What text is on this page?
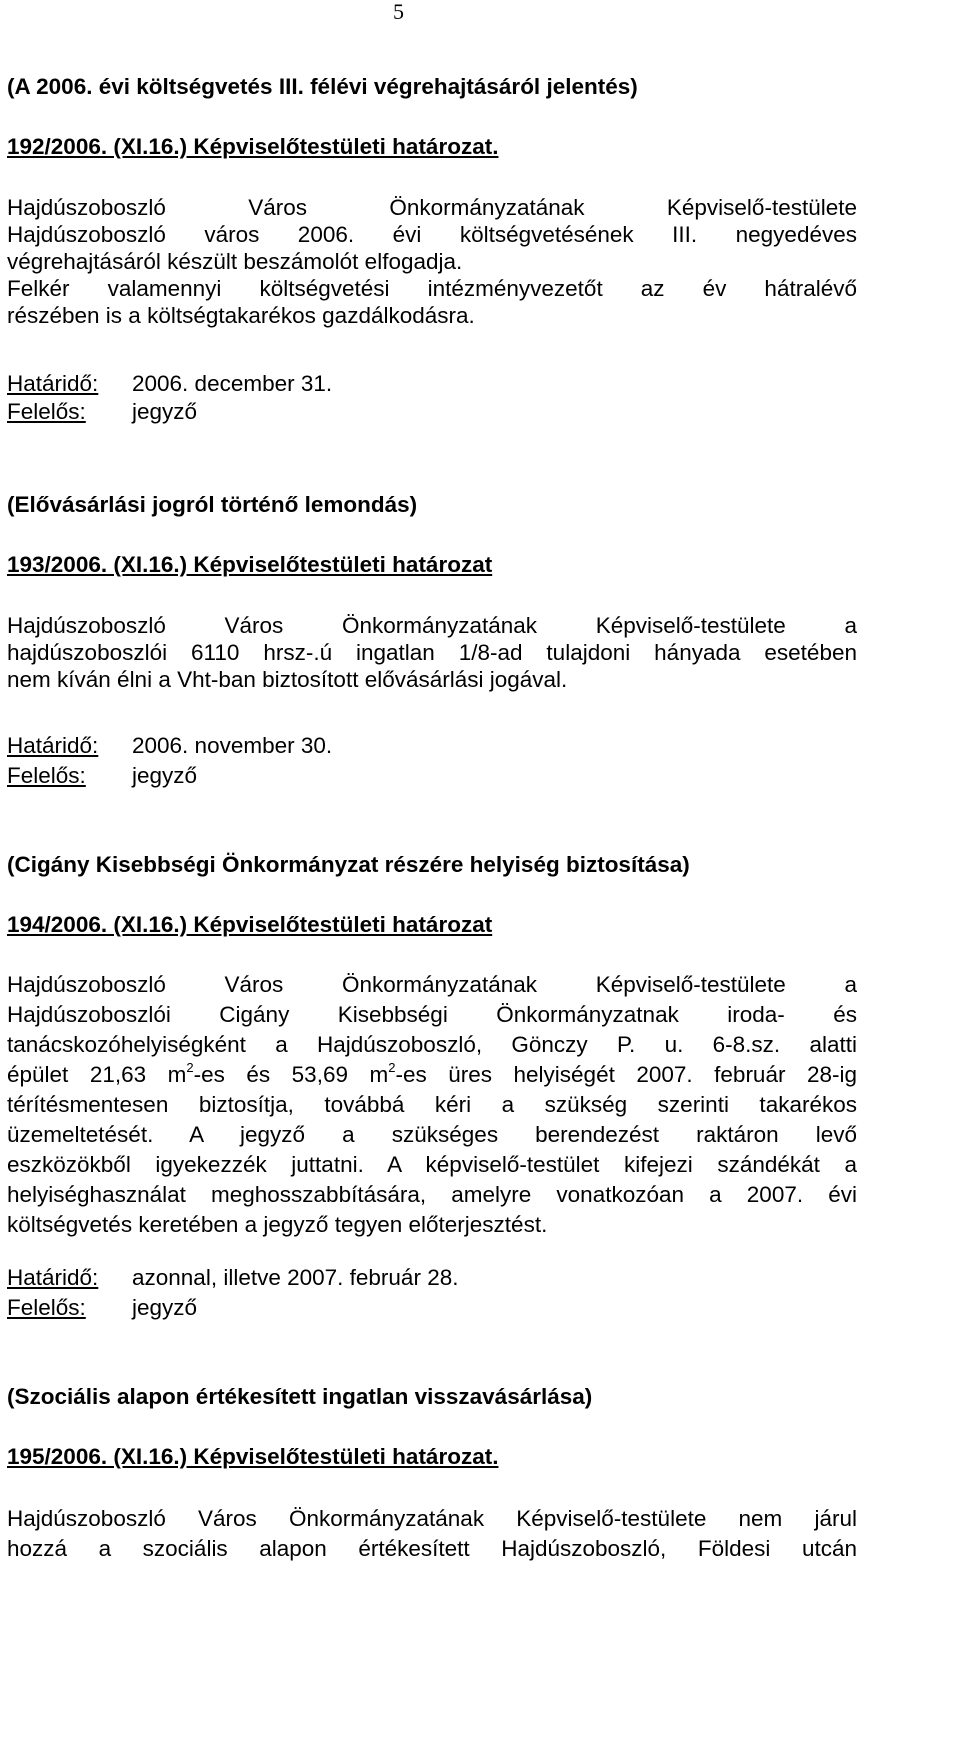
5

(A 2006. évi költségvetés III. félévi végrehajtásáról jelentés)

192/2006. (XI.16.) Képviselőtestületi határozat.

Hajdúszoboszló Város Önkormányzatának Képviselő-testülete
Hajdúszoboszló város 2006. évi költségvetésének III. negyedéves
végrehajtásáról készült beszámolót elfogadja.
Felkér valamennyi költségvetési intézményvezetőt az év hátralévő
részében is a költségtakarékos gazdálkodásra.
Határidő: 2006. december 31.
Felelős: jegyző

(Elővásárlási jogról történő lemondás)

193/2006. (XI.16.) Képviselőtestületi határozat

Hajdúszoboszló Város Önkormányzatának Képviselő-testülete a
hajdúszoboszlói 6110 hrsz-.ú ingatlan 1/8-ad tulajdoni hányada esetében
nem kíván élni a Vht-ban biztosított elővásárlási jogával.
Határidő: 2006. november 30.
Felelős: jegyző

(Cigány Kisebbségi Önkormányzat részére helyiség biztosítása)

194/2006. (XI.16.) Képviselőtestületi határozat

Hajdúszoboszló Város Önkormányzatának Képviselő-testülete a
Hajdúszoboszlói Cigány Kisebbségi Önkormányzatnak iroda- és
tanácskozóhelyiségként a Hajdúszoboszló, Gönczy P. u. 6-8.sz. alatti
épület 21,63 $m^2-es$ és 53,69 $m^2-es$ üres helyiségét 2007. február 28-ig
térítésmentesen biztosítja, továbbá kéri a szükség szerinti takarékos
üzemeltetését. A jegyző a szükséges berendezést raktáron levő
eszközökből igyekezzék juttatni. A képviselő-testület kifejezi szándékát a
helyiséghasználat meghosszabbítására, amelyre vonatkozóan a 2007. évi
költségvetés keretében a jegyző tegyen előterjesztést.
Határidő: azonnal, illetve 2007. február 28.
Felelős: jegyző

(Szociális alapon értékesített ingatlan visszavásárlása)

195/2006. (XI.16.) Képviselőtestületi határozat.

Hajdúszoboszló Város Önkormányzatának Képviselő-testülete nem járul
hozzá a szociális alapon értékesített Hajdúszoboszló, Földesi utcán
